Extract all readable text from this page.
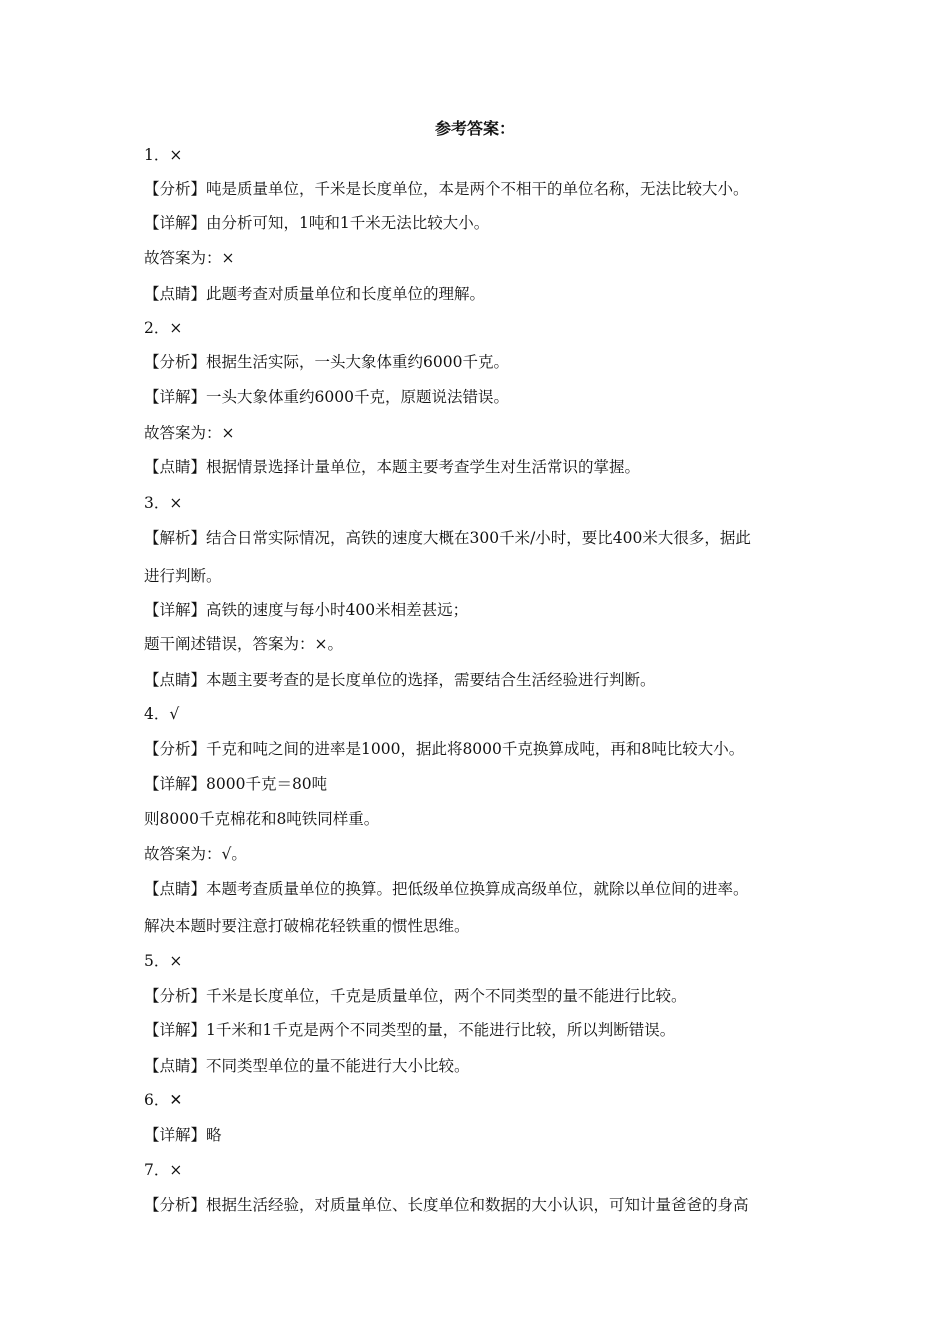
参考答案：
1．×
【分析】吨是质量单位，千米是长度单位，本是两个不相干的单位名称，无法比较大小。
【详解】由分析可知，1吨和1千米无法比较大小。
故答案为：×
【点睛】此题考查对质量单位和长度单位的理解。
2．×
【分析】根据生活实际，一头大象体重约6000千克。
【详解】一头大象体重约6000千克，原题说法错误。
故答案为：×
【点睛】根据情景选择计量单位，本题主要考查学生对生活常识的掌握。
3．×
【解析】结合日常实际情况，高铁的速度大概在300千米/小时，要比400米大很多，据此
进行判断。
【详解】高铁的速度与每小时400米相差甚远；
题干阐述错误，答案为：×。
【点睛】本题主要考查的是长度单位的选择，需要结合生活经验进行判断。
4．√
【分析】千克和吨之间的进率是1000，据此将8000千克换算成吨，再和8吨比较大小。
【详解】8000千克＝80吨
则8000千克棉花和8吨铁同样重。
故答案为：√。
【点睛】本题考查质量单位的换算。把低级单位换算成高级单位，就除以单位间的进率。
解决本题时要注意打破棉花轻铁重的惯性思维。
5．×
【分析】千米是长度单位，千克是质量单位，两个不同类型的量不能进行比较。
【详解】1千米和1千克是两个不同类型的量，不能进行比较，所以判断错误。
【点睛】不同类型单位的量不能进行大小比较。
6．✕
【详解】略
7．×
【分析】根据生活经验，对质量单位、长度单位和数据的大小认识，可知计量爸爸的身高
